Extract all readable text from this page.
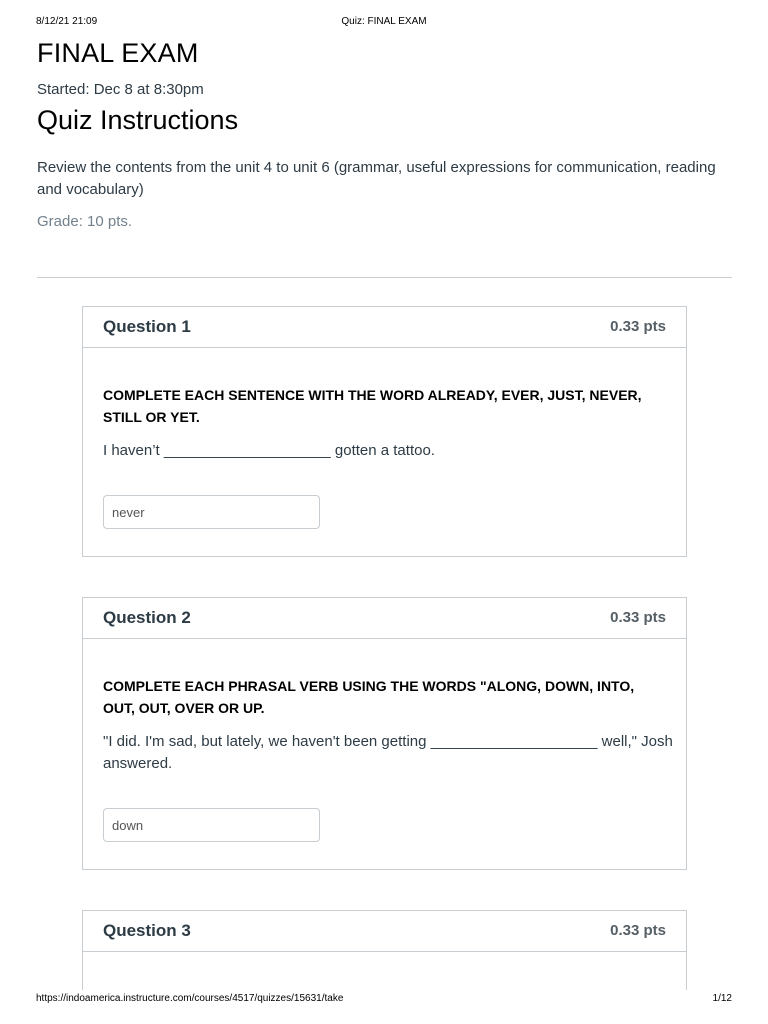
8/12/21 21:09	Quiz: FINAL EXAM
FINAL EXAM
Started: Dec 8 at 8:30pm
Quiz Instructions

Review the contents from the unit 4 to unit 6 (grammar, useful expressions for communication, reading and vocabulary)

Grade: 10 pts.
Question 1	0.33 pts

COMPLETE EACH SENTENCE WITH THE WORD ALREADY, EVER, JUST, NEVER, STILL OR YET.

I haven’t ____________________ gotten a tattoo.

never
Question 2	0.33 pts

COMPLETE EACH PHRASAL VERB USING THE WORDS "ALONG, DOWN, INTO, OUT, OUT, OVER OR UP.

"I did. I'm sad, but lately, we haven't been getting ____________________ well," Josh answered.

down
Question 3	0.33 pts
https://indoamerica.instructure.com/courses/4517/quizzes/15631/take	1/12
